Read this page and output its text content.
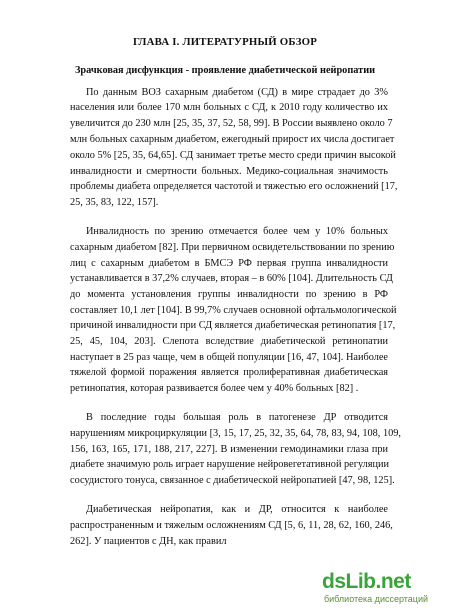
ГЛАВА I. ЛИТЕРАТУРНЫЙ ОБЗОР
Зрачковая дисфункция - проявление диабетической нейропатии
По данным ВОЗ сахарным диабетом (СД) в мире страдает до 3%
населения или более 170 млн больных с СД, к 2010 году количество их
увеличится до 230 млн [25, 35, 37, 52, 58, 99]. В России выявлено около 7
млн больных сахарным диабетом, ежегодный прирост их числа достигает
около 5% [25, 35, 64,65]. СД занимает третье место среди причин высокой
инвалидности и смертности больных. Медико-социальная значимость
проблемы диабета определяется частотой и тяжестью его осложнений [17,
25, 35, 83, 122, 157].
Инвалидность по зрению отмечается более чем у 10% больных
сахарным диабетом [82]. При первичном освидетельствовании по зрению
лиц с сахарным диабетом в БМСЭ РФ первая группа инвалидности
устанавливается в 37,2% случаев, вторая – в 60% [104]. Длительность СД
до момента установления группы инвалидности по зрению в РФ
составляет 10,1 лет [104]. В 99,7% случаев основной офтальмологической
причиной инвалидности при СД является диабетическая ретинопатия [17,
25, 45, 104, 203]. Слепота вследствие диабетической ретинопатии
наступает в 25 раз чаще, чем в общей популяции [16, 47, 104]. Наиболее
тяжелой формой поражения является пролиферативная диабетическая
ретинопатия, которая развивается более чем у 40% больных [82] .
В последние годы большая роль в патогенезе ДР отводится
нарушениям микроциркуляции [3, 15, 17, 25, 32, 35, 64, 78, 83, 94, 108, 109,
156, 163, 165, 171, 188, 217, 227]. В изменении гемодинамики глаза при
диабете значимую роль играет нарушение нейровегетативной регуляции
сосудистого тонуса, связанное с диабетической нейропатией [47, 98, 125].
Диабетическая нейропатия, как и ДР, относится к наиболее
распространенным и тяжелым осложнениям СД [5, 6, 11, 28, 62, 160, 246,
262]. У пациентов с ДН, как правил
dsLib.net
библиотека диссертаций
